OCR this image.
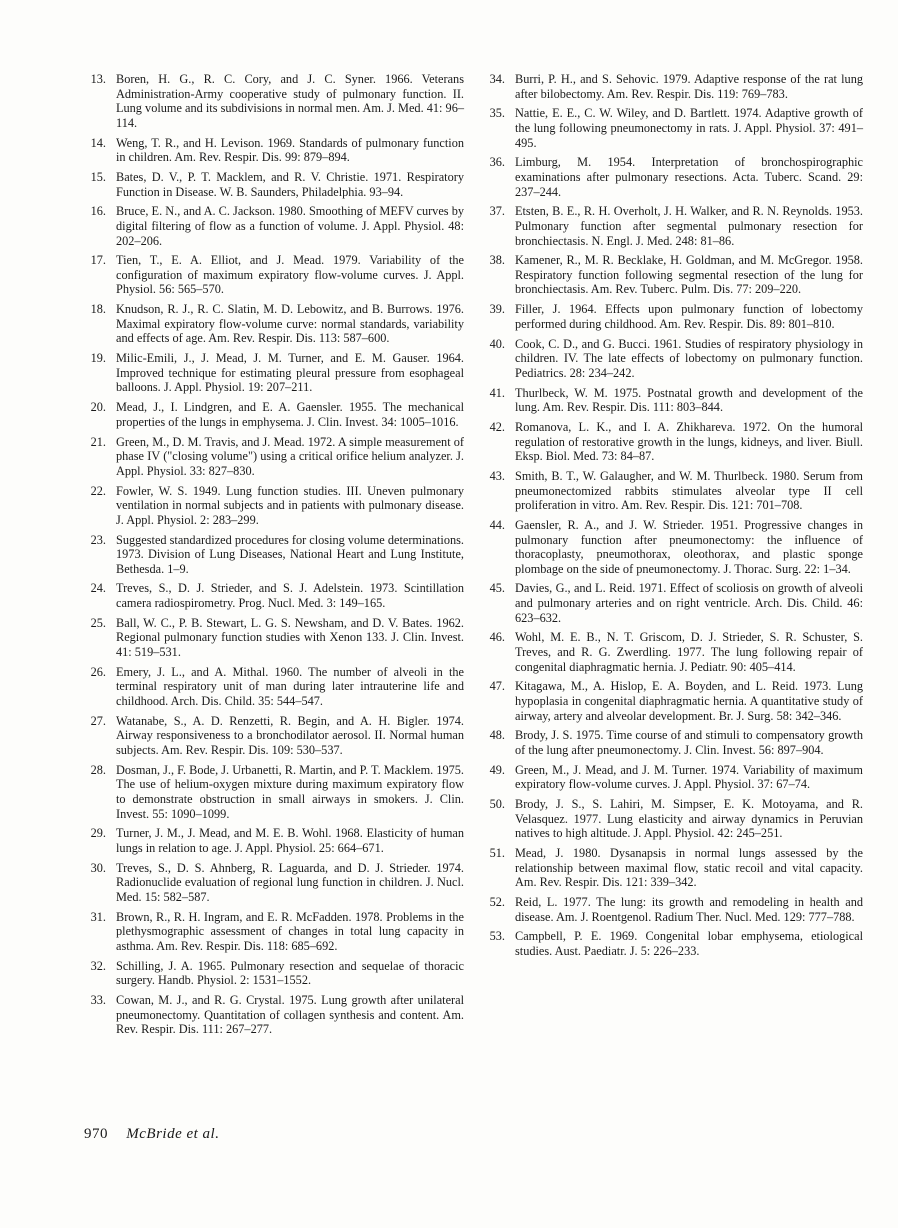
13. Boren, H. G., R. C. Cory, and J. C. Syner. 1966. Veterans Administration-Army cooperative study of pulmonary function. II. Lung volume and its subdivisions in normal men. Am. J. Med. 41: 96–114.
14. Weng, T. R., and H. Levison. 1969. Standards of pulmonary function in children. Am. Rev. Respir. Dis. 99: 879–894.
15. Bates, D. V., P. T. Macklem, and R. V. Christie. 1971. Respiratory Function in Disease. W. B. Saunders, Philadelphia. 93–94.
16. Bruce, E. N., and A. C. Jackson. 1980. Smoothing of MEFV curves by digital filtering of flow as a function of volume. J. Appl. Physiol. 48: 202–206.
17. Tien, T., E. A. Elliot, and J. Mead. 1979. Variability of the configuration of maximum expiratory flow-volume curves. J. Appl. Physiol. 56: 565–570.
18. Knudson, R. J., R. C. Slatin, M. D. Lebowitz, and B. Burrows. 1976. Maximal expiratory flow-volume curve: normal standards, variability and effects of age. Am. Rev. Respir. Dis. 113: 587–600.
19. Milic-Emili, J., J. Mead, J. M. Turner, and E. M. Gauser. 1964. Improved technique for estimating pleural pressure from esophageal balloons. J. Appl. Physiol. 19: 207–211.
20. Mead, J., I. Lindgren, and E. A. Gaensler. 1955. The mechanical properties of the lungs in emphysema. J. Clin. Invest. 34: 1005–1016.
21. Green, M., D. M. Travis, and J. Mead. 1972. A simple measurement of phase IV ("closing volume") using a critical orifice helium analyzer. J. Appl. Physiol. 33: 827–830.
22. Fowler, W. S. 1949. Lung function studies. III. Uneven pulmonary ventilation in normal subjects and in patients with pulmonary disease. J. Appl. Physiol. 2: 283–299.
23. Suggested standardized procedures for closing volume determinations. 1973. Division of Lung Diseases, National Heart and Lung Institute, Bethesda. 1–9.
24. Treves, S., D. J. Strieder, and S. J. Adelstein. 1973. Scintillation camera radiospirometry. Prog. Nucl. Med. 3: 149–165.
25. Ball, W. C., P. B. Stewart, L. G. S. Newsham, and D. V. Bates. 1962. Regional pulmonary function studies with Xenon 133. J. Clin. Invest. 41: 519–531.
26. Emery, J. L., and A. Mithal. 1960. The number of alveoli in the terminal respiratory unit of man during later intrauterine life and childhood. Arch. Dis. Child. 35: 544–547.
27. Watanabe, S., A. D. Renzetti, R. Begin, and A. H. Bigler. 1974. Airway responsiveness to a bronchodilator aerosol. II. Normal human subjects. Am. Rev. Respir. Dis. 109: 530–537.
28. Dosman, J., F. Bode, J. Urbanetti, R. Martin, and P. T. Macklem. 1975. The use of helium-oxygen mixture during maximum expiratory flow to demonstrate obstruction in small airways in smokers. J. Clin. Invest. 55: 1090–1099.
29. Turner, J. M., J. Mead, and M. E. B. Wohl. 1968. Elasticity of human lungs in relation to age. J. Appl. Physiol. 25: 664–671.
30. Treves, S., D. S. Ahnberg, R. Laguarda, and D. J. Strieder. 1974. Radionuclide evaluation of regional lung function in children. J. Nucl. Med. 15: 582–587.
31. Brown, R., R. H. Ingram, and E. R. McFadden. 1978. Problems in the plethysmographic assessment of changes in total lung capacity in asthma. Am. Rev. Respir. Dis. 118: 685–692.
32. Schilling, J. A. 1965. Pulmonary resection and sequelae of thoracic surgery. Handb. Physiol. 2: 1531–1552.
33. Cowan, M. J., and R. G. Crystal. 1975. Lung growth after unilateral pneumonectomy. Quantitation of collagen synthesis and content. Am. Rev. Respir. Dis. 111: 267–277.
34. Burri, P. H., and S. Sehovic. 1979. Adaptive response of the rat lung after bilobectomy. Am. Rev. Respir. Dis. 119: 769–783.
35. Nattie, E. E., C. W. Wiley, and D. Bartlett. 1974. Adaptive growth of the lung following pneumonectomy in rats. J. Appl. Physiol. 37: 491–495.
36. Limburg, M. 1954. Interpretation of bronchospirographic examinations after pulmonary resections. Acta. Tuberc. Scand. 29: 237–244.
37. Etsten, B. E., R. H. Overholt, J. H. Walker, and R. N. Reynolds. 1953. Pulmonary function after segmental pulmonary resection for bronchiectasis. N. Engl. J. Med. 248: 81–86.
38. Kamener, R., M. R. Becklake, H. Goldman, and M. McGregor. 1958. Respiratory function following segmental resection of the lung for bronchiectasis. Am. Rev. Tuberc. Pulm. Dis. 77: 209–220.
39. Filler, J. 1964. Effects upon pulmonary function of lobectomy performed during childhood. Am. Rev. Respir. Dis. 89: 801–810.
40. Cook, C. D., and G. Bucci. 1961. Studies of respiratory physiology in children. IV. The late effects of lobectomy on pulmonary function. Pediatrics. 28: 234–242.
41. Thurlbeck, W. M. 1975. Postnatal growth and development of the lung. Am. Rev. Respir. Dis. 111: 803–844.
42. Romanova, L. K., and I. A. Zhikhareva. 1972. On the humoral regulation of restorative growth in the lungs, kidneys, and liver. Biull. Eksp. Biol. Med. 73: 84–87.
43. Smith, B. T., W. Galaugher, and W. M. Thurlbeck. 1980. Serum from pneumonectomized rabbits stimulates alveolar type II cell proliferation in vitro. Am. Rev. Respir. Dis. 121: 701–708.
44. Gaensler, R. A., and J. W. Strieder. 1951. Progressive changes in pulmonary function after pneumonectomy: the influence of thoracoplasty, pneumothorax, oleothorax, and plastic sponge plombage on the side of pneumonectomy. J. Thorac. Surg. 22: 1–34.
45. Davies, G., and L. Reid. 1971. Effect of scoliosis on growth of alveoli and pulmonary arteries and on right ventricle. Arch. Dis. Child. 46: 623–632.
46. Wohl, M. E. B., N. T. Griscom, D. J. Strieder, S. R. Schuster, S. Treves, and R. G. Zwerdling. 1977. The lung following repair of congenital diaphragmatic hernia. J. Pediatr. 90: 405–414.
47. Kitagawa, M., A. Hislop, E. A. Boyden, and L. Reid. 1973. Lung hypoplasia in congenital diaphragmatic hernia. A quantitative study of airway, artery and alveolar development. Br. J. Surg. 58: 342–346.
48. Brody, J. S. 1975. Time course of and stimuli to compensatory growth of the lung after pneumonectomy. J. Clin. Invest. 56: 897–904.
49. Green, M., J. Mead, and J. M. Turner. 1974. Variability of maximum expiratory flow-volume curves. J. Appl. Physiol. 37: 67–74.
50. Brody, J. S., S. Lahiri, M. Simpser, E. K. Motoyama, and R. Velasquez. 1977. Lung elasticity and airway dynamics in Peruvian natives to high altitude. J. Appl. Physiol. 42: 245–251.
51. Mead, J. 1980. Dysanapsis in normal lungs assessed by the relationship between maximal flow, static recoil and vital capacity. Am. Rev. Respir. Dis. 121: 339–342.
52. Reid, L. 1977. The lung: its growth and remodeling in health and disease. Am. J. Roentgenol. Radium Ther. Nucl. Med. 129: 777–788.
53. Campbell, P. E. 1969. Congenital lobar emphysema, etiological studies. Aust. Paediatr. J. 5: 226–233.
970 McBride et al.
